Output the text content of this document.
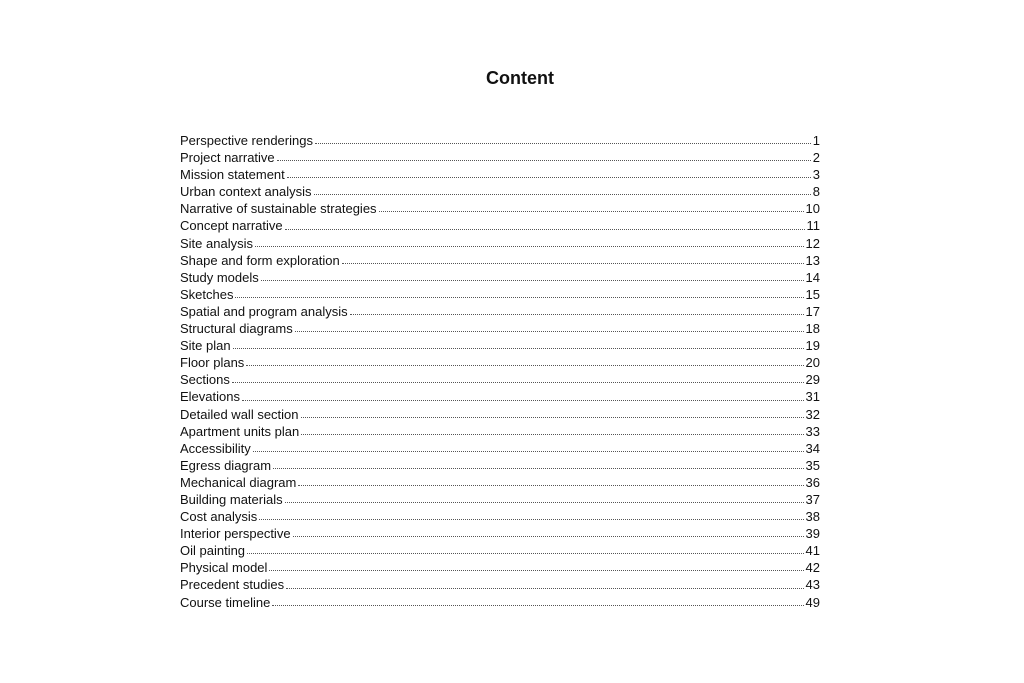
Content
Perspective renderings	1
Project narrative	2
Mission statement	3
Urban context analysis	8
Narrative of sustainable strategies	10
Concept narrative	11
Site analysis	12
Shape and form exploration	13
Study models	14
Sketches	15
Spatial and program analysis	17
Structural diagrams	18
Site plan	19
Floor plans	20
Sections	29
Elevations	31
Detailed wall section	32
Apartment units plan	33
Accessibility	34
Egress diagram	35
Mechanical diagram	36
Building materials	37
Cost analysis	38
Interior perspective	39
Oil painting	41
Physical model	42
Precedent studies	43
Course timeline	49
